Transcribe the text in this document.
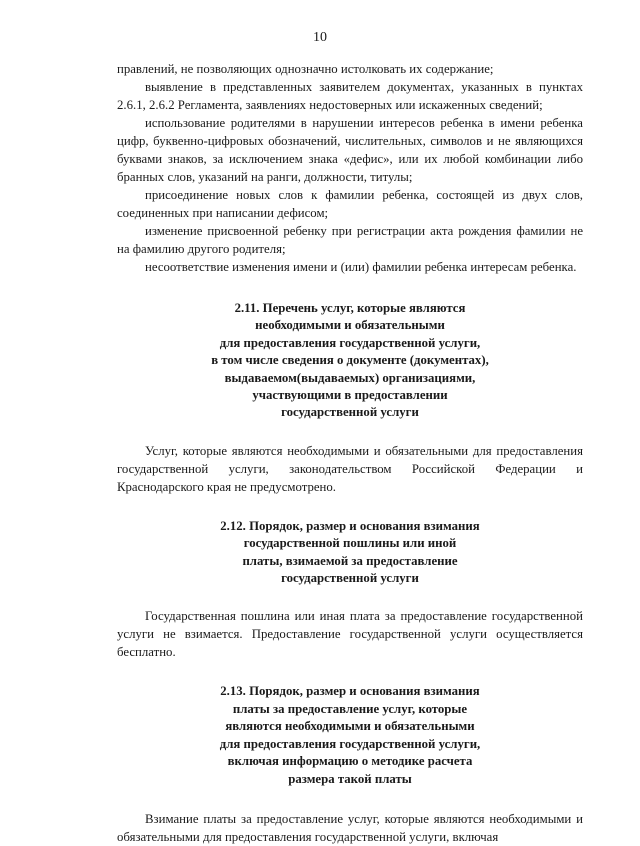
10

правлений, не позволяющих однозначно истолковать их содержание;

выявление в представленных заявителем документах, указанных в пунктах 2.6.1, 2.6.2 Регламента, заявлениях недостоверных или искаженных сведений;

использование родителями в нарушении интересов ребенка в имени ребенка цифр, буквенно-цифровых обозначений, числительных, символов и не являющихся буквами знаков, за исключением знака «дефис», или их любой комбинации либо бранных слов, указаний на ранги, должности, титулы;

присоединение новых слов к фамилии ребенка, состоящей из двух слов, соединенных при написании дефисом;

изменение присвоенной ребенку при регистрации акта рождения фамилии не на фамилию другого родителя;

несоответствие изменения имени и (или) фамилии ребенка интересам ребенка.

2.11. Перечень услуг, которые являются
необходимыми и обязательными
для предоставления государственной услуги,
в том числе сведения о документе (документах),
выдаваемом(выдаваемых) организациями,
участвующими в предоставлении
государственной услуги

Услуг, которые являются необходимыми и обязательными для предоставления государственной услуги, законодательством Российской Федерации и Краснодарского края не предусмотрено.

2.12. Порядок, размер и основания взимания
государственной пошлины или иной
платы, взимаемой за предоставление
государственной услуги

Государственная пошлина или иная плата за предоставление государственной услуги не взимается. Предоставление государственной услуги осуществляется бесплатно.

2.13. Порядок, размер и основания взимания
платы за предоставление услуг, которые
являются необходимыми и обязательными
для предоставления государственной услуги,
включая информацию о методике расчета
размера такой платы

Взимание платы за предоставление услуг, которые являются необходимыми и обязательными для предоставления государственной услуги, включая
